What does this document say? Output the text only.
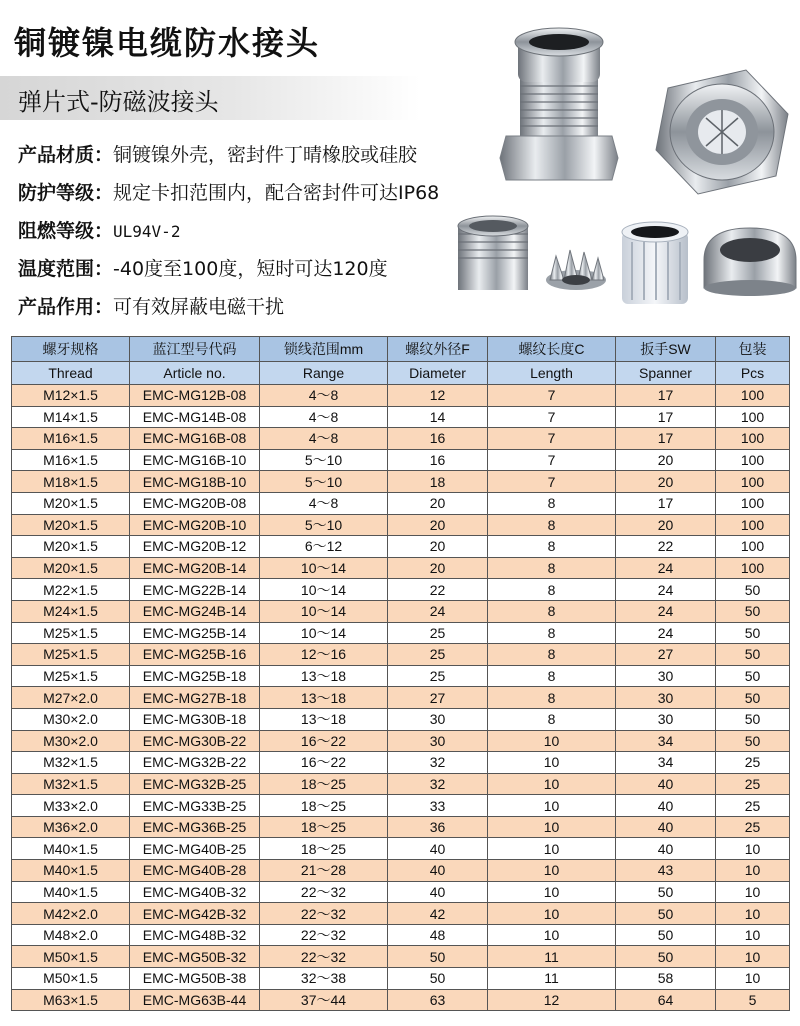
铜镀镍电缆防水接头
弹片式-防磁波接头
产品材质：铜镀镍外壳，密封件丁晴橡胶或硅胶
防护等级：规定卡扣范围内，配合密封件可达IP68
阻燃等级：UL94V-2
温度范围：-40度至100度，短时可达120度
产品作用：可有效屏蔽电磁干扰
螺牙规格	蓝江型号代码	锁线范围mm	螺纹外径F	螺纹长度C	扳手SW	包装
Thread	Article no.	Range	Diameter	Length	Spanner	Pcs
M12×1.5	EMC-MG12B-08	4～8	12	7	17	100
M14×1.5	EMC-MG14B-08	4～8	14	7	17	100
M16×1.5	EMC-MG16B-08	4～8	16	7	17	100
M16×1.5	EMC-MG16B-10	5～10	16	7	20	100
M18×1.5	EMC-MG18B-10	5～10	18	7	20	100
M20×1.5	EMC-MG20B-08	4～8	20	8	17	100
M20×1.5	EMC-MG20B-10	5～10	20	8	20	100
M20×1.5	EMC-MG20B-12	6～12	20	8	22	100
M20×1.5	EMC-MG20B-14	10～14	20	8	24	100
M22×1.5	EMC-MG22B-14	10～14	22	8	24	50
M24×1.5	EMC-MG24B-14	10～14	24	8	24	50
M25×1.5	EMC-MG25B-14	10～14	25	8	24	50
M25×1.5	EMC-MG25B-16	12～16	25	8	27	50
M25×1.5	EMC-MG25B-18	13～18	25	8	30	50
M27×2.0	EMC-MG27B-18	13～18	27	8	30	50
M30×2.0	EMC-MG30B-18	13～18	30	8	30	50
M30×2.0	EMC-MG30B-22	16～22	30	10	34	50
M32×1.5	EMC-MG32B-22	16～22	32	10	34	25
M32×1.5	EMC-MG32B-25	18～25	32	10	40	25
M33×2.0	EMC-MG33B-25	18～25	33	10	40	25
M36×2.0	EMC-MG36B-25	18～25	36	10	40	25
M40×1.5	EMC-MG40B-25	18～25	40	10	40	10
M40×1.5	EMC-MG40B-28	21～28	40	10	43	10
M40×1.5	EMC-MG40B-32	22～32	40	10	50	10
M42×2.0	EMC-MG42B-32	22～32	42	10	50	10
M48×2.0	EMC-MG48B-32	22～32	48	10	50	10
M50×1.5	EMC-MG50B-32	22～32	50	11	50	10
M50×1.5	EMC-MG50B-38	32～38	50	11	58	10
M63×1.5	EMC-MG63B-44	37～44	63	12	64	5
